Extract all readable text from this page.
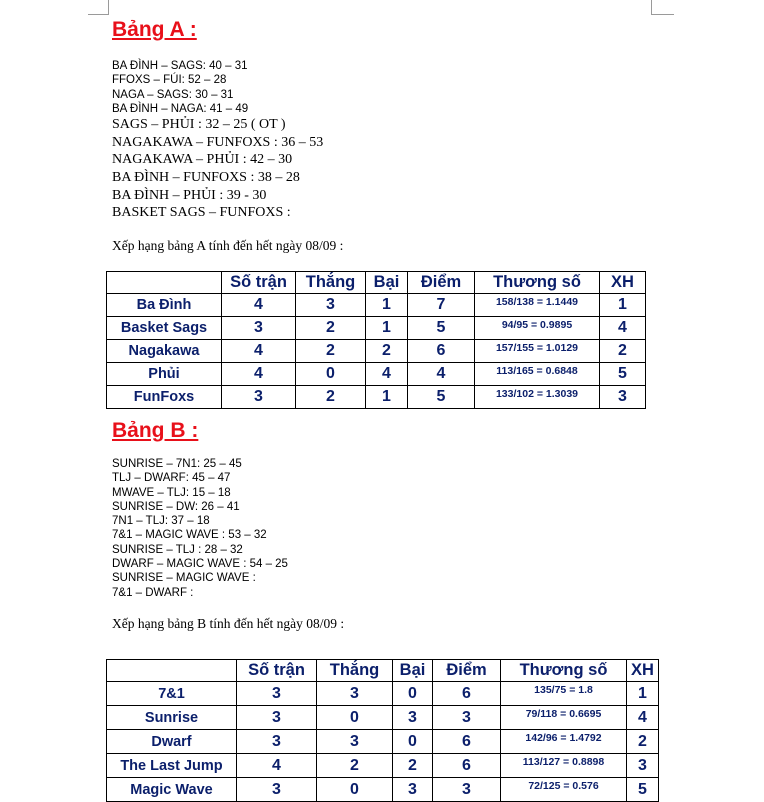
Bảng A :
BA ĐÌNH – SAGS: 40 – 31
FFOXS – FÚI: 52 – 28
NAGA – SAGS: 30 – 31
BA ĐÌNH – NAGA: 41 – 49
SAGS – PHỦI : 32 – 25 ( OT )
NAGAKAWA – FUNFOXS : 36 – 53
NAGAKAWA – PHỦI : 42 – 30
BA ĐÌNH – FUNFOXS : 38 – 28
BA ĐÌNH – PHỦI : 39 - 30
BASKET SAGS – FUNFOXS :

Xếp hạng bảng A tính đến hết ngày 08/09 :

	Số trận	Thắng	Bại	Điểm	Thương số	XH
Ba Đình	4	3	1	7	158/138 = 1.1449	1
Basket Sags	3	2	1	5	94/95 = 0.9895	4
Nagakawa	4	2	2	6	157/155 = 1.0129	2
Phủi	4	0	4	4	113/165 = 0.6848	5
FunFoxs	3	2	1	5	133/102 = 1.3039	3
Bảng B :
SUNRISE – 7N1: 25 – 45
TLJ – DWARF: 45 – 47
MWAVE – TLJ: 15 – 18
SUNRISE – DW: 26 – 41
7N1 – TLJ: 37 – 18
7&1 – MAGIC WAVE : 53 – 32
SUNRISE – TLJ : 28 – 32
DWARF – MAGIC WAVE : 54 – 25
SUNRISE – MAGIC WAVE :
7&1 – DWARF :

Xếp hạng bảng B tính đến hết ngày 08/09 :

	Số trận	Thắng	Bại	Điểm	Thương số	XH
7&1	3	3	0	6	135/75 = 1.8	1
Sunrise	3	0	3	3	79/118 = 0.6695	4
Dwarf	3	3	0	6	142/96 = 1.4792	2
The Last Jump	4	2	2	6	113/127 = 0.8898	3
Magic Wave	3	0	3	3	72/125 = 0.576	5
